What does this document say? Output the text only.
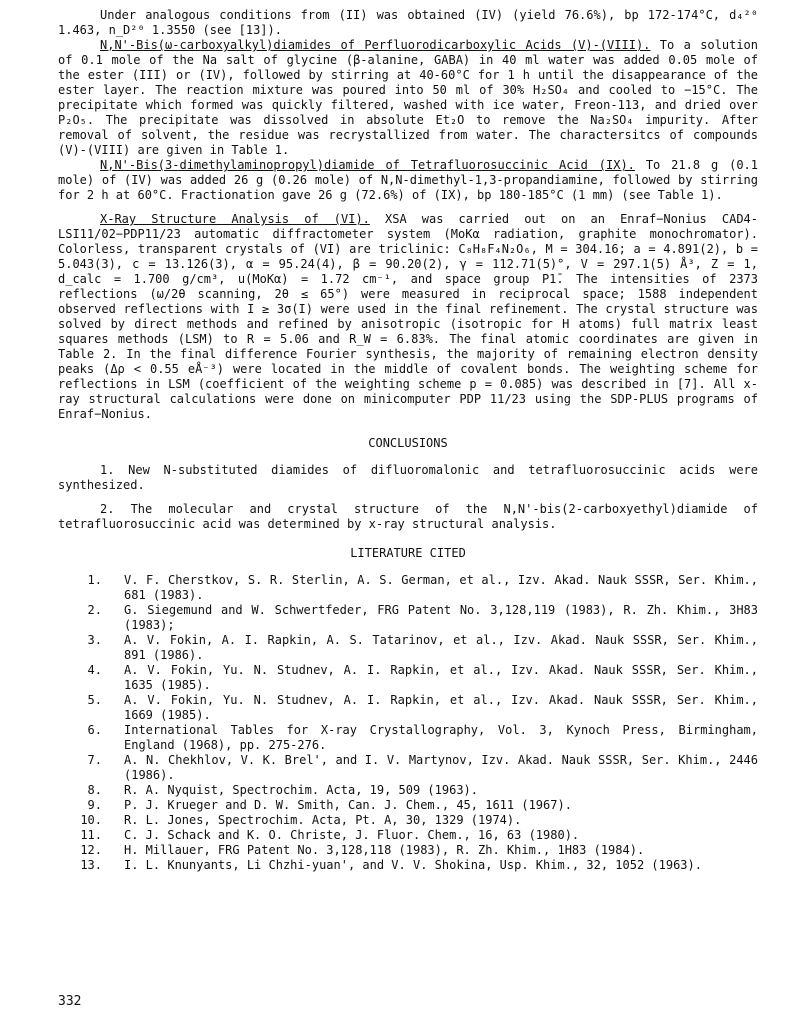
Under analogous conditions from (II) was obtained (IV) (yield 76.6%), bp 172-174°C, d₄²⁰ 1.463, n_D²⁰ 1.3550 (see [13]).

N,N'-Bis(ω-carboxyalkyl)diamides of Perfluorodicarboxylic Acids (V)-(VIII). To a solution of 0.1 mole of the Na salt of glycine (β-alanine, GABA) in 40 ml water was added 0.05 mole of the ester (III) or (IV), followed by stirring at 40-60°C for 1 h until the disappearance of the ester layer. The reaction mixture was poured into 50 ml of 30% H₂SO₄ and cooled to −15°C. The precipitate which formed was quickly filtered, washed with ice water, Freon-113, and dried over P₂O₅. The precipitate was dissolved in absolute Et₂O to remove the Na₂SO₄ impurity. After removal of solvent, the residue was recrystallized from water. The charactersitcs of compounds (V)-(VIII) are given in Table 1.

N,N'-Bis(3-dimethylaminopropyl)diamide of Tetrafluorosuccinic Acid (IX). To 21.8 g (0.1 mole) of (IV) was added 26 g (0.26 mole) of N,N-dimethyl-1,3-propandiamine, followed by stirring for 2 h at 60°C. Fractionation gave 26 g (72.6%) of (IX), bp 180-185°C (1 mm) (see Table 1).

X-Ray Structure Analysis of (VI). XSA was carried out on an Enraf−Nonius CAD4-LSI11/02−PDP11/23 automatic diffractometer system (MoKα radiation, graphite monochromator). Colorless, transparent crystals of (VI) are triclinic: C₈H₈F₄N₂O₆, M = 304.16; a = 4.891(2), b = 5.043(3), c = 13.126(3), α = 95.24(4), β = 90.20(2), γ = 112.71(5)°, V = 297.1(5) Å³, Z = 1, d_calc = 1.700 g/cm³, u(MoKα) = 1.72 cm⁻¹, and space group P1̄. The intensities of 2373 reflections (ω/2θ scanning, 2θ ≤ 65°) were measured in reciprocal space; 1588 independent observed reflections with I ≥ 3σ(I) were used in the final refinement. The crystal structure was solved by direct methods and refined by anisotropic (isotropic for H atoms) full matrix least squares methods (LSM) to R = 5.06 and R_W = 6.83%. The final atomic coordinates are given in Table 2. In the final difference Fourier synthesis, the majority of remaining electron density peaks (Δρ < 0.55 eÅ⁻³) were located in the middle of covalent bonds. The weighting scheme for reflections in LSM (coefficient of the weighting scheme p = 0.085) was described in [7]. All x-ray structural calculations were done on minicomputer PDP 11/23 using the SDP-PLUS programs of Enraf−Nonius.

CONCLUSIONS

1. New N-substituted diamides of difluoromalonic and tetrafluorosuccinic acids were synthesized.

2. The molecular and crystal structure of the N,N'-bis(2-carboxyethyl)diamide of tetrafluorosuccinic acid was determined by x-ray structural analysis.

LITERATURE CITED
1.	V. F. Cherstkov, S. R. Sterlin, A. S. German, et al., Izv. Akad. Nauk SSSR, Ser. Khim., 681 (1983).
2.	G. Siegemund and W. Schwertfeder, FRG Patent No. 3,128,119 (1983), R. Zh. Khim., 3H83 (1983);
3.	A. V. Fokin, A. I. Rapkin, A. S. Tatarinov, et al., Izv. Akad. Nauk SSSR, Ser. Khim., 891 (1986).
4.	A. V. Fokin, Yu. N. Studnev, A. I. Rapkin, et al., Izv. Akad. Nauk SSSR, Ser. Khim., 1635 (1985).
5.	A. V. Fokin, Yu. N. Studnev, A. I. Rapkin, et al., Izv. Akad. Nauk SSSR, Ser. Khim., 1669 (1985).
6.	International Tables for X-ray Crystallography, Vol. 3, Kynoch Press, Birmingham, England (1968), pp. 275-276.
7.	A. N. Chekhlov, V. K. Brel', and I. V. Martynov, Izv. Akad. Nauk SSSR, Ser. Khim., 2446 (1986).
8.	R. A. Nyquist, Spectrochim. Acta, 19, 509 (1963).
9.	P. J. Krueger and D. W. Smith, Can. J. Chem., 45, 1611 (1967).
10.	R. L. Jones, Spectrochim. Acta, Pt. A, 30, 1329 (1974).
11.	C. J. Schack and K. O. Christe, J. Fluor. Chem., 16, 63 (1980).
12.	H. Millauer, FRG Patent No. 3,128,118 (1983), R. Zh. Khim., 1H83 (1984).
13.	I. L. Knunyants, Li Chzhi-yuan', and V. V. Shokina, Usp. Khim., 32, 1052 (1963).
332
